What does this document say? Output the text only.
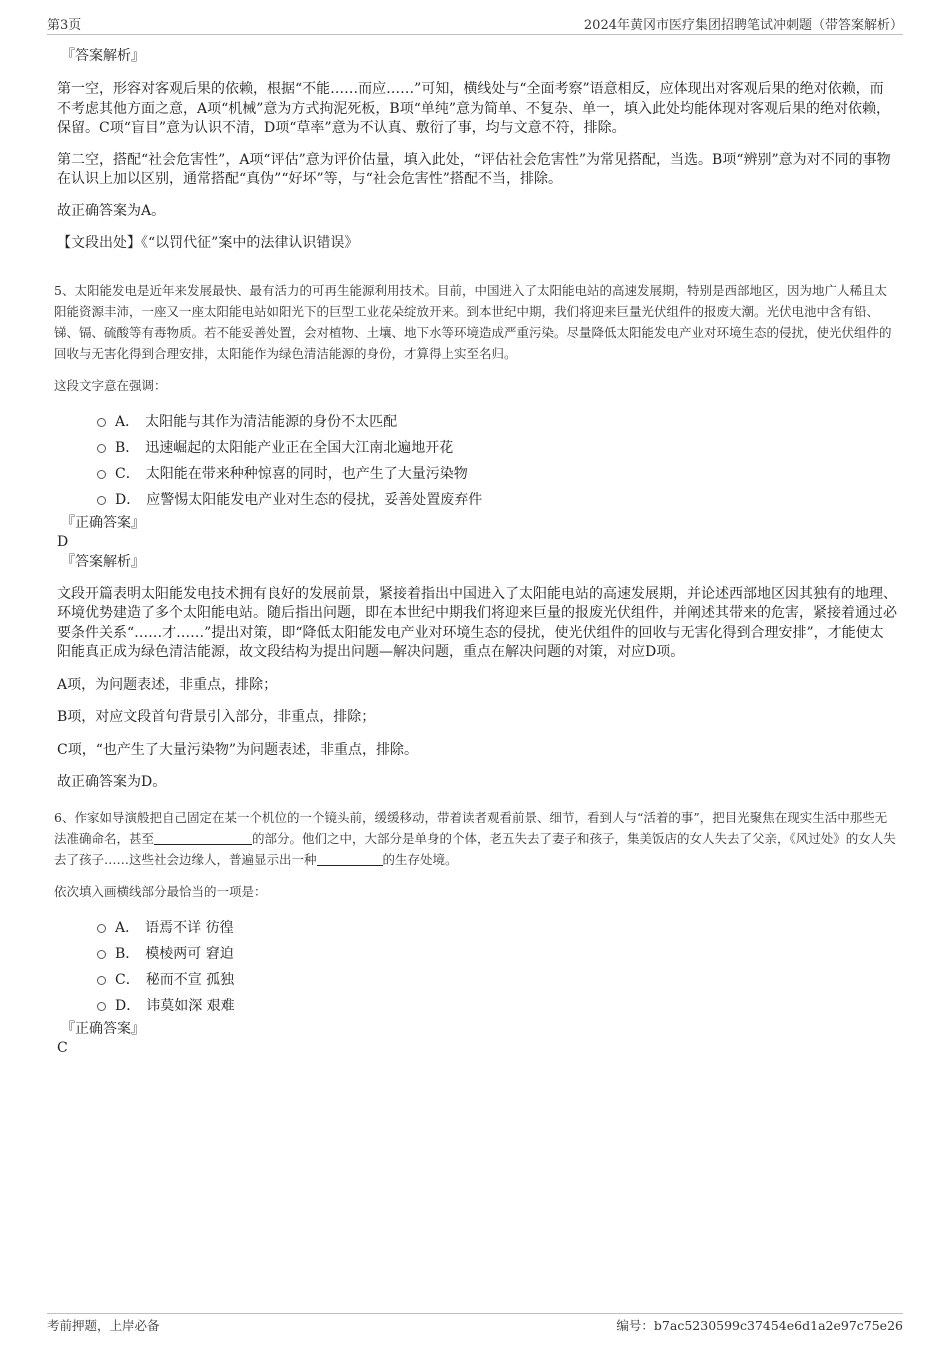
第3页	2024年黄冈市医疗集团招聘笔试冲刺题（带答案解析）

『答案解析』

第一空，形容对客观后果的依赖，根据“不能……而应……”可知，横线处与“全面考察”语意相反，应体现出对客观后果的绝对依赖，而不考虑其他方面之意，A项“机械”意为方式拘泥死板，B项“单纯”意为简单、不复杂、单一，填入此处均能体现对客观后果的绝对依赖，保留。C项“盲目”意为认识不清，D项“草率”意为不认真、敷衍了事，均与文意不符，排除。

第二空，搭配“社会危害性”，A项“评估”意为评价估量，填入此处，“评估社会危害性”为常见搭配，当选。B项“辨别”意为对不同的事物在认识上加以区别，通常搭配“真伪”“好坏”等，与“社会危害性”搭配不当，排除。

故正确答案为A。

【文段出处】《“以罚代征”案中的法律认识错误》

5、太阳能发电是近年来发展最快、最有活力的可再生能源利用技术。目前，中国进入了太阳能电站的高速发展期，特别是西部地区，因为地广人稀且太阳能资源丰沛，一座又一座太阳能电站如阳光下的巨型工业花朵绽放开来。到本世纪中期，我们将迎来巨量光伏组件的报废大潮。光伏电池中含有铅、锑、镉、硫酸等有毒物质。若不能妥善处置，会对植物、土壤、地下水等环境造成严重污染。尽量降低太阳能发电产业对环境生态的侵扰，使光伏组件的回收与无害化得到合理安排，太阳能作为绿色清洁能源的身份，才算得上实至名归。

这段文字意在强调：

A． 太阳能与其作为清洁能源的身份不太匹配
B． 迅速崛起的太阳能产业正在全国大江南北遍地开花
C． 太阳能在带来种种惊喜的同时，也产生了大量污染物
D． 应警惕太阳能发电产业对生态的侵扰，妥善处置废弃件

『正确答案』

D

『答案解析』

文段开篇表明太阳能发电技术拥有良好的发展前景，紧接着指出中国进入了太阳能电站的高速发展期，并论述西部地区因其独有的地理、环境优势建造了多个太阳能电站。随后指出问题，即在本世纪中期我们将迎来巨量的报废光伏组件，并阐述其带来的危害，紧接着通过必要条件关系“……才……”提出对策，即“降低太阳能发电产业对环境生态的侵扰，使光伏组件的回收与无害化得到合理安排”，才能使太阳能真正成为绿色清洁能源，故文段结构为提出问题—解决问题，重点在解决问题的对策，对应D项。

A项，为问题表述，非重点，排除；

B项，对应文段首句背景引入部分，非重点，排除；

C项，“也产生了大量污染物”为问题表述，非重点，排除。

故正确答案为D。

6、作家如导演般把自己固定在某一个机位的一个镜头前，缓缓移动，带着读者观看前景、细节，看到人与“活着的事”，把目光聚焦在现实生活中那些无法准确命名，甚至	的部分。他们之中，大部分是单身的个体，老五失去了妻子和孩子，集美饭店的女人失去了父亲，《风过处》的女人失去了孩子……这些社会边缘人，普遍显示出一种	的生存处境。

依次填入画横线部分最恰当的一项是：

A． 语焉不详 彷徨
B． 模棱两可 窘迫
C． 秘而不宣 孤独
D． 讳莫如深 艰难

『正确答案』

C

考前押题，上岸必备	编号：b7ac5230599c37454e6d1a2e97c75e26
